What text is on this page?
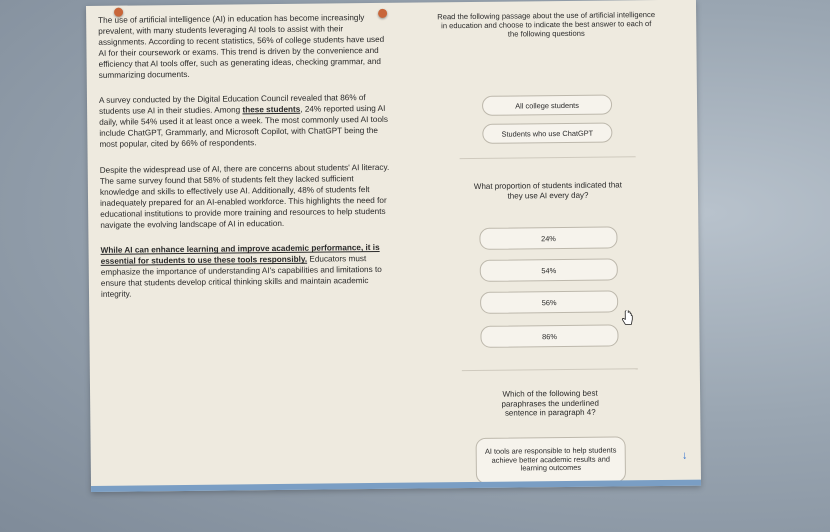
The use of artificial intelligence (AI) in education has become increasingly prevalent, with many students leveraging AI tools to assist with their assignments. According to recent statistics, 56% of college students have used AI for their coursework or exams. This trend is driven by the convenience and efficiency that AI tools offer, such as generating ideas, checking grammar, and summarizing documents.

A survey conducted by the Digital Education Council revealed that 86% of students use AI in their studies. Among these students, 24% reported using AI daily, while 54% used it at least once a week. The most commonly used AI tools include ChatGPT, Grammarly, and Microsoft Copilot, with ChatGPT being the most popular, cited by 66% of respondents.

Despite the widespread use of AI, there are concerns about students' AI literacy. The same survey found that 58% of students felt they lacked sufficient knowledge and skills to effectively use AI. Additionally, 48% of students felt inadequately prepared for an AI-enabled workforce. This highlights the need for educational institutions to provide more training and resources to help students navigate the evolving landscape of AI in education.

While AI can enhance learning and improve academic performance, it is essential for students to use these tools responsibly. Educators must emphasize the importance of understanding AI's capabilities and limitations to ensure that students develop critical thinking skills and maintain academic integrity.

Read the following passage about the use of artificial intelligence in education and choose to indicate the best answer to each of the following questions
All college students
Students who use ChatGPT
What proportion of students indicated that they use AI every day?
24%
54%
56%
86%
Which of the following best paraphrases the underlined sentence in paragraph 4?
AI tools are responsible to help students achieve better academic results and learning outcomes
↓
